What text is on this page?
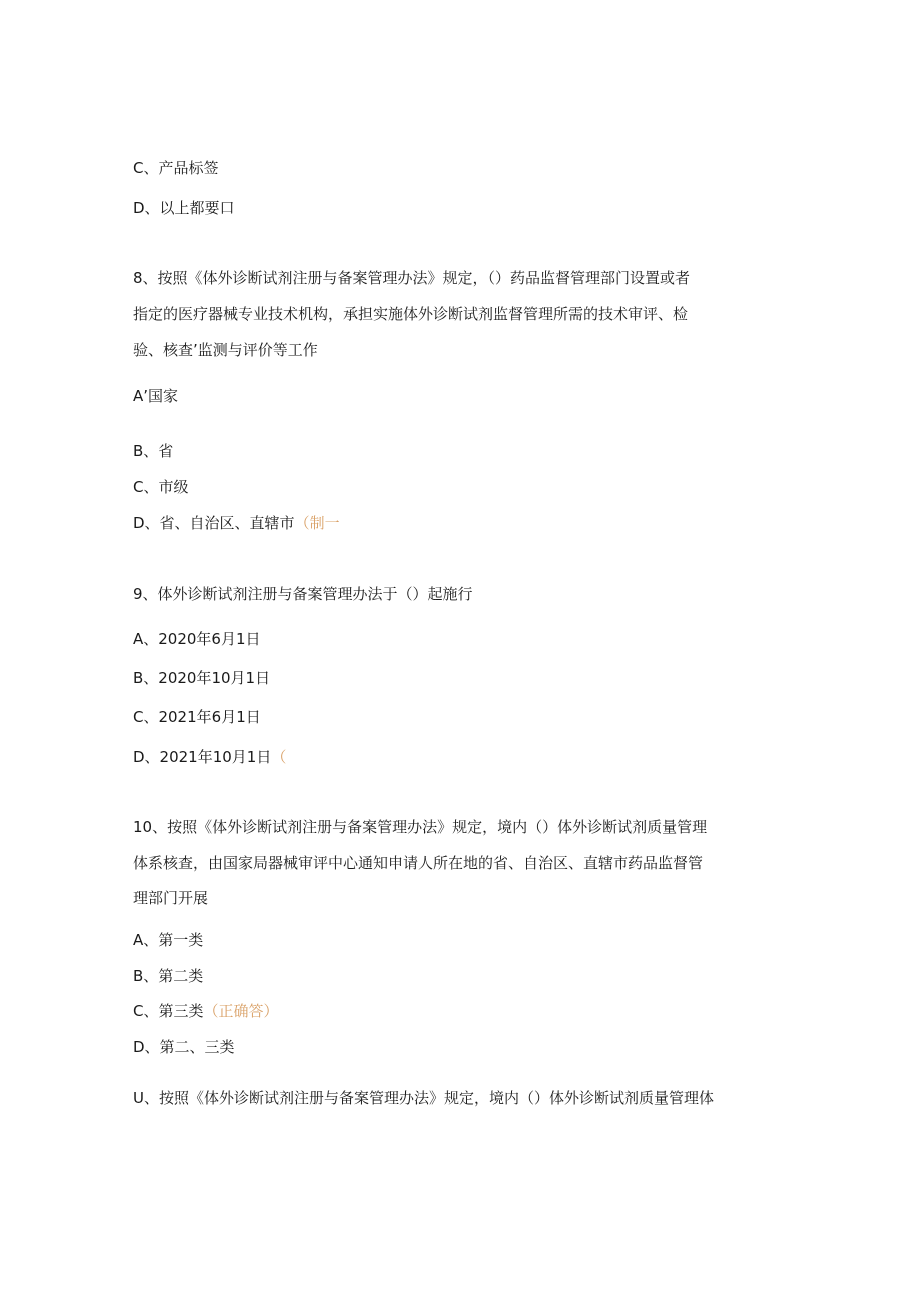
C、产品标签
D、以上都要口
8、按照《体外诊断试剂注册与备案管理办法》规定，（）药品监督管理部门设置或者
指定的医疗器械专业技术机构，承担实施体外诊断试剂监督管理所需的技术审评、检
验、核查’监测与评价等工作
A’国家
B、省
C、市级
D、省、自治区、直辖市（制一
9、体外诊断试剂注册与备案管理办法于（）起施行
A、2020年6月1日
B、2020年10月1日
C、2021年6月1日
D、2021年10月1日（
10、按照《体外诊断试剂注册与备案管理办法》规定，境内（）体外诊断试剂质量管理
体系核查，由国家局器械审评中心通知申请人所在地的省、自治区、直辖市药品监督管
理部门开展
A、第一类
B、第二类
C、第三类（正确答）
D、第二、三类
U、按照《体外诊断试剂注册与备案管理办法》规定，境内（）体外诊断试剂质量管理体
